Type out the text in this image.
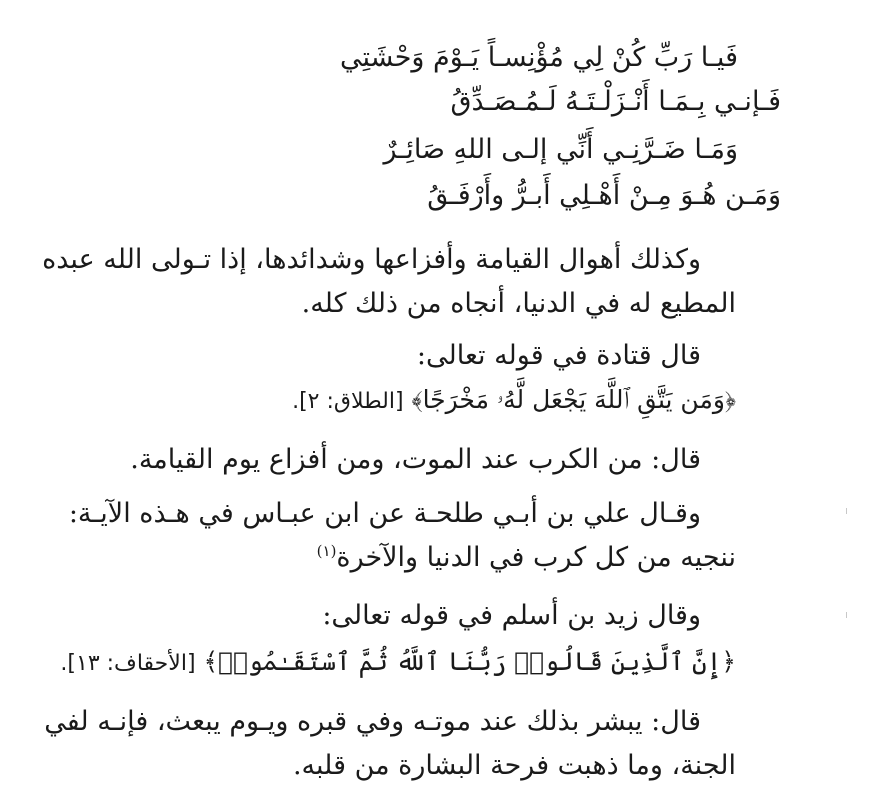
فَيـا رَبِّ كُنْ لِي مُؤْنِسـاً يَـوْمَ وَحْشَتِي
فَـإنـي بِـمَـا أَنْـزَلْـتَـهُ لَـمُـصَـدِّقُ
وَمَـا ضَـرَّنِـي أَنِّي إلـى اللهِ صَائِـرٌ
وَمَـن هُـوَ مِـنْ أَهْـلِي أَبـرُّ وأَرْفَـقُ
وكذلك أهوال القيامة وأفزاعها وشدائدها، إذا تـولى الله عبده
المطيع له في الدنيا، أنجاه من ذلك كله.
قال قتادة في قوله تعالى:
﴿وَمَن يَتَّقِ ٱللَّهَ يَجْعَل لَّهُۥ مَخْرَجًا﴾ [الطلاق: ٢].
قال: من الكرب عند الموت، ومن أفزاع يوم القيامة.
وقـال علي بن أبـي طلحـة عن ابن عبـاس في هـذه الآيـة:
ننجيه من كل كرب في الدنيا والآخرة$^{(١)}$
وقال زيد بن أسلم في قوله تعالى:
﴿إِنَّ ٱلَّذِينَ قَالُوا۟ رَبُّنَا ٱللَّهُ ثُمَّ ٱسْتَقَـٰمُوا۟﴾ [الأحقاف: ١٣].
قال: يبشر بذلك عند موتـه وفي قبره ويـوم يبعث، فإنـه لفي
الجنة، وما ذهبت فرحة البشارة من قلبه.
